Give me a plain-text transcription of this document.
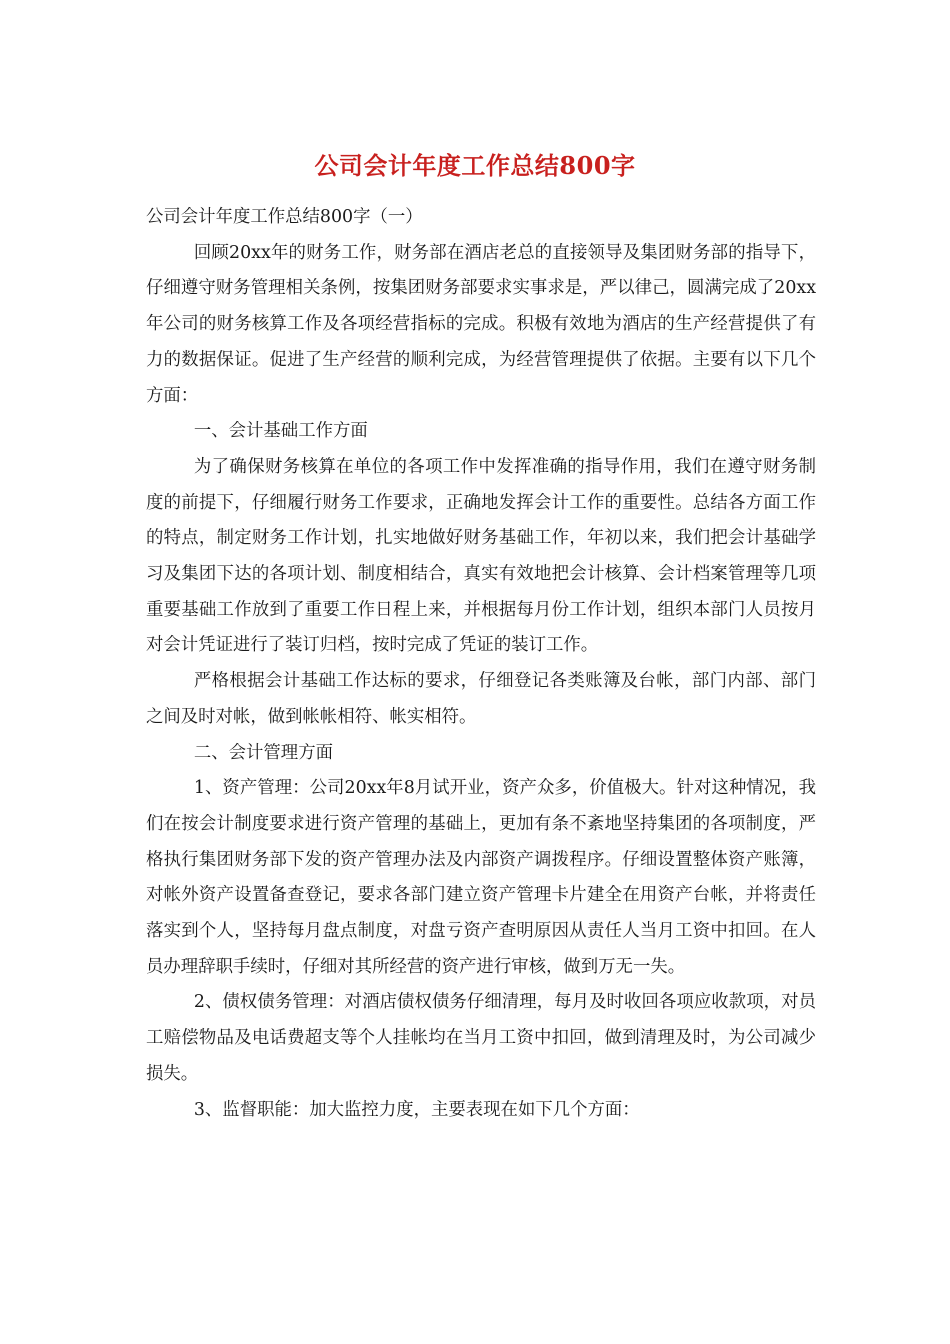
公司会计年度工作总结800字

公司会计年度工作总结800字（一）

回顾20xx年的财务工作，财务部在酒店老总的直接领导及集团财务部的指导下，仔细遵守财务管理相关条例，按集团财务部要求实事求是，严以律己，圆满完成了20xx年公司的财务核算工作及各项经营指标的完成。积极有效地为酒店的生产经营提供了有力的数据保证。促进了生产经营的顺利完成，为经营管理提供了依据。主要有以下几个方面：

一、会计基础工作方面

为了确保财务核算在单位的各项工作中发挥准确的指导作用，我们在遵守财务制度的前提下，仔细履行财务工作要求，正确地发挥会计工作的重要性。总结各方面工作的特点，制定财务工作计划，扎实地做好财务基础工作，年初以来，我们把会计基础学习及集团下达的各项计划、制度相结合，真实有效地把会计核算、会计档案管理等几项重要基础工作放到了重要工作日程上来，并根据每月份工作计划，组织本部门人员按月对会计凭证进行了装订归档，按时完成了凭证的装订工作。

严格根据会计基础工作达标的要求，仔细登记各类账簿及台帐，部门内部、部门之间及时对帐，做到帐帐相符、帐实相符。

二、会计管理方面

1、资产管理：公司20xx年8月试开业，资产众多，价值极大。针对这种情况，我们在按会计制度要求进行资产管理的基础上，更加有条不紊地坚持集团的各项制度，严格执行集团财务部下发的资产管理办法及内部资产调拨程序。仔细设置整体资产账簿，对帐外资产设置备查登记，要求各部门建立资产管理卡片建全在用资产台帐，并将责任落实到个人，坚持每月盘点制度，对盘亏资产查明原因从责任人当月工资中扣回。在人员办理辞职手续时，仔细对其所经营的资产进行审核，做到万无一失。

2、债权债务管理：对酒店债权债务仔细清理，每月及时收回各项应收款项，对员工赔偿物品及电话费超支等个人挂帐均在当月工资中扣回，做到清理及时，为公司减少损失。

3、监督职能：加大监控力度，主要表现在如下几个方面：
